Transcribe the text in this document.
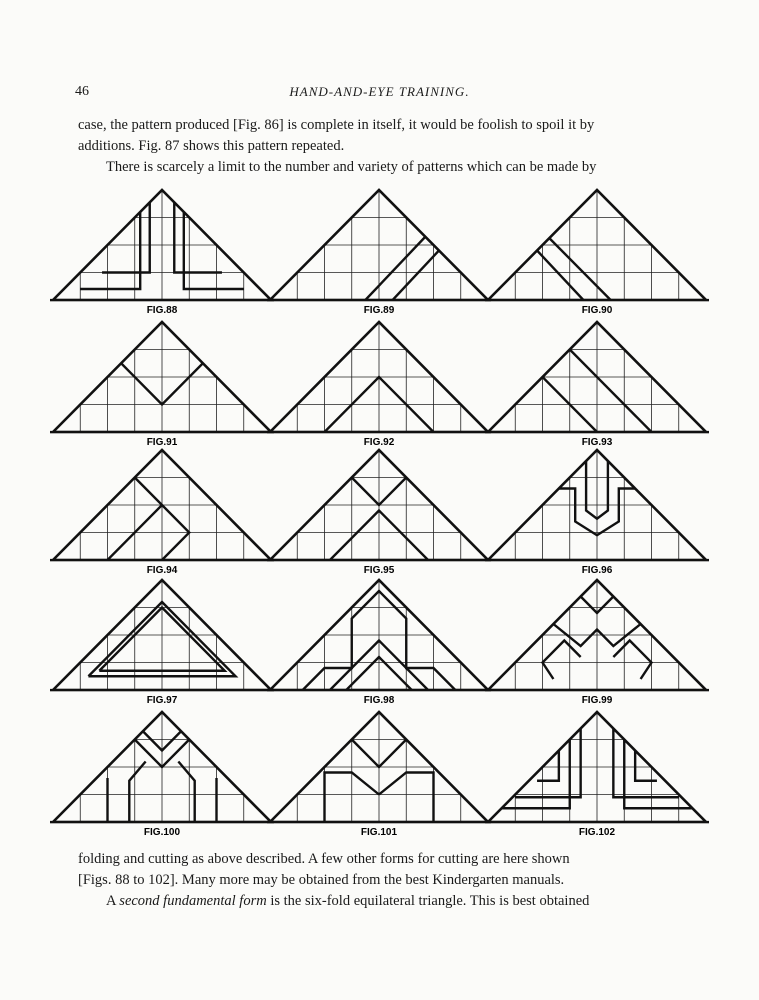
46	HAND-AND-EYE TRAINING.
case, the pattern produced [Fig. 86] is complete in itself, it would be foolish to spoil it by
additions. Fig. 87 shows this pattern repeated.
There is scarcely a limit to the number and variety of patterns which can be made by
FIG.88	FIG.89	FIG.90
FIG.91	FIG.92	FIG.93
FIG.94	FIG.95	FIG.96
FIG.97	FIG.98	FIG.99
FIG.100	FIG.101	FIG.102
folding and cutting as above described. A few other forms for cutting are here shown
[Figs. 88 to 102]. Many more may be obtained from the best Kindergarten manuals.
A second fundamental form is the six-fold equilateral triangle. This is best obtained
